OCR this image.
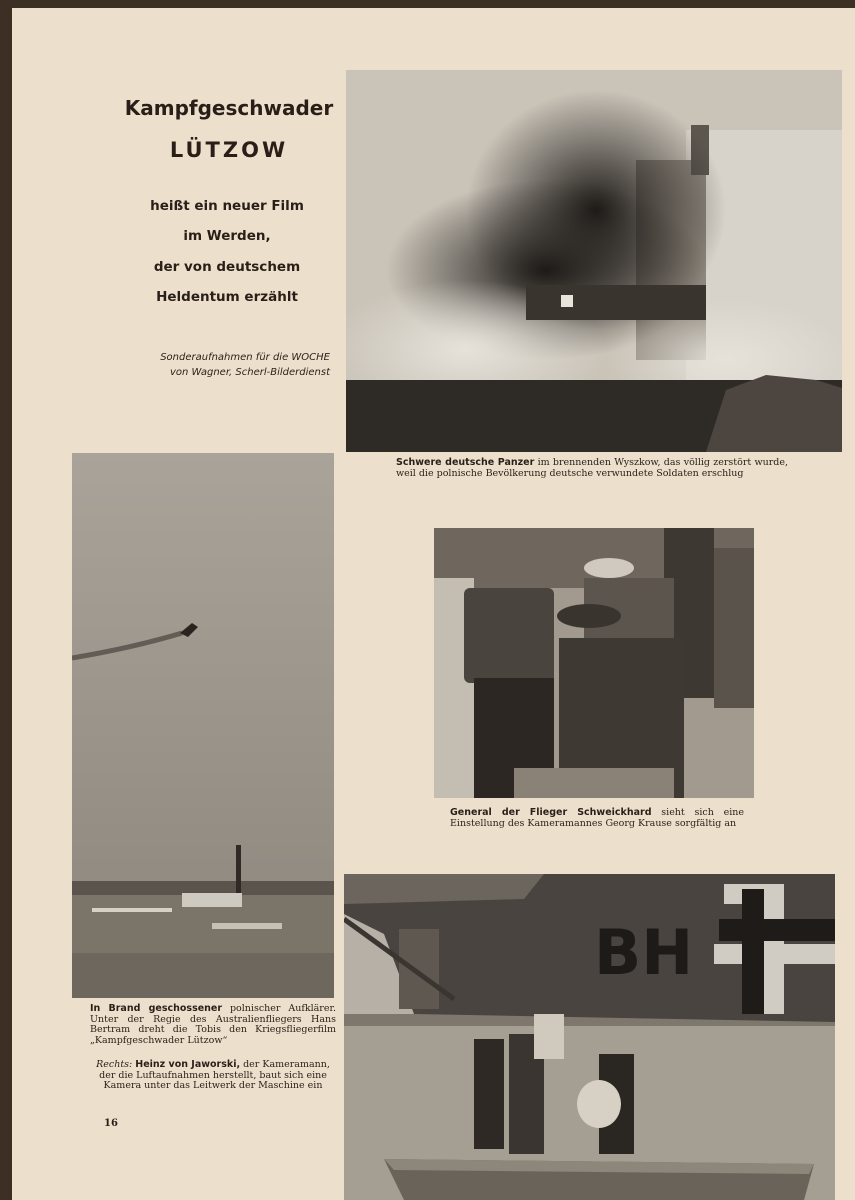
Kampfgeschwader
LÜTZOW
heißt ein neuer Film
im Werden,
der von deutschem
Heldentum erzählt
Sonderaufnahmen für die WOCHE
von Wagner, Scherl-Bilderdienst
Schwere deutsche Panzer im brennenden Wyszkow, das völlig zerstört wurde, weil die polnische Bevölkerung deutsche verwundete Soldaten erschlug
In Brand geschossener polnischer Aufklärer. Unter der Regie des Australienfliegers Hans Bertram dreht die Tobis den Kriegsfliegerfilm „Kampfgeschwader Lützow“
Rechts: Heinz von Jaworski, der Kameramann, der die Luftaufnahmen herstellt, baut sich eine Kamera unter das Leitwerk der Maschine ein
General der Flieger Schweickhard sieht sich eine Einstellung des Kameramannes Georg Krause sorgfältig an
BH
16
